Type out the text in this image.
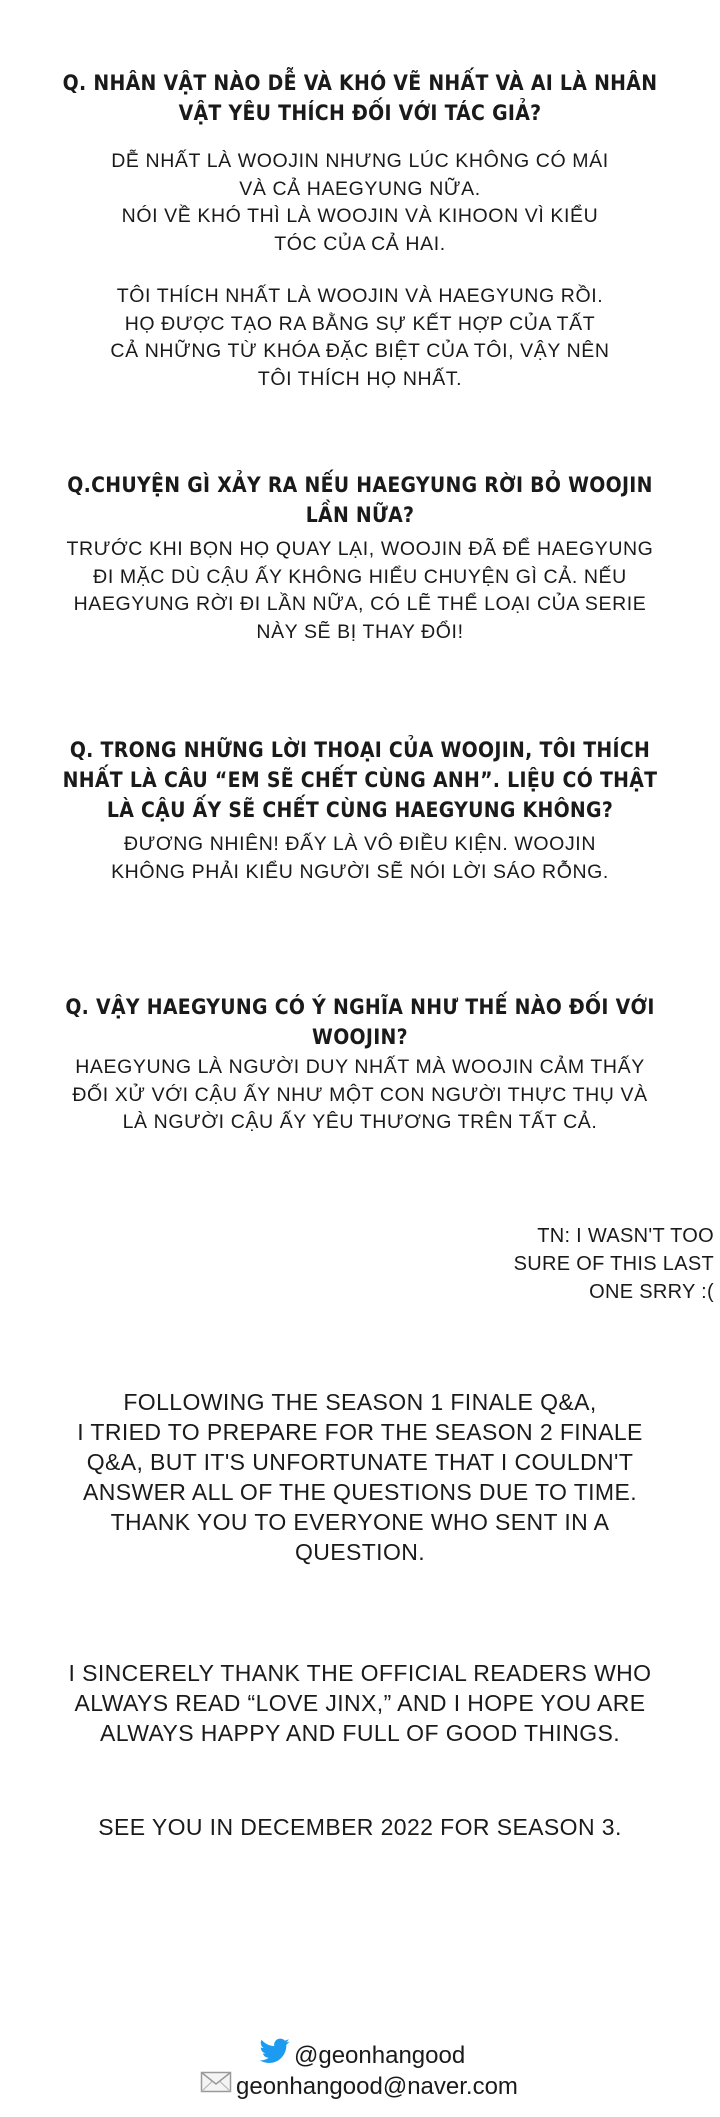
Q. NHÂN VẬT NÀO DỄ VÀ KHÓ VẼ NHẤT VÀ AI LÀ NHÂN
VẬT YÊU THÍCH ĐỐI VỚI TÁC GIẢ?
DỄ NHẤT LÀ WOOJIN NHƯNG LÚC KHÔNG CÓ MÁI
VÀ CẢ HAEGYUNG NỮA.
NÓI VỀ KHÓ THÌ LÀ WOOJIN VÀ KIHOON VÌ KIỂU
TÓC CỦA CẢ HAI.
TÔI THÍCH NHẤT LÀ WOOJIN VÀ HAEGYUNG RỒI.
HỌ ĐƯỢC TẠO RA BẰNG SỰ KẾT HỢP CỦA TẤT
CẢ NHỮNG TỪ KHÓA ĐẶC BIỆT CỦA TÔI, VẬY NÊN
TÔI THÍCH HỌ NHẤT.
Q.CHUYỆN GÌ XẢY RA NẾU HAEGYUNG RỜI BỎ WOOJIN
LẦN NỮA?
TRƯỚC KHI BỌN HỌ QUAY LẠI, WOOJIN ĐÃ ĐỂ HAEGYUNG
ĐI MẶC DÙ CẬU ẤY KHÔNG HIỂU CHUYỆN GÌ CẢ. NẾU
HAEGYUNG RỜI ĐI LẦN NỮA, CÓ LẼ THỂ LOẠI CỦA SERIE
NÀY SẼ BỊ THAY ĐỔI!
Q. TRONG NHỮNG LỜI THOẠI CỦA WOOJIN, TÔI THÍCH
NHẤT LÀ CÂU “EM SẼ CHẾT CÙNG ANH”. LIỆU CÓ THẬT
LÀ CẬU ẤY SẼ CHẾT CÙNG HAEGYUNG KHÔNG?
ĐƯƠNG NHIÊN! ĐẤY LÀ VÔ ĐIỀU KIỆN. WOOJIN
KHÔNG PHẢI KIỂU NGƯỜI SẼ NÓI LỜI SÁO RỖNG.
Q. VẬY HAEGYUNG CÓ Ý NGHĨA NHƯ THẾ NÀO ĐỐI VỚI
WOOJIN?
HAEGYUNG LÀ NGƯỜI DUY NHẤT MÀ WOOJIN CẢM THẤY
ĐỐI XỬ VỚI CẬU ẤY NHƯ MỘT CON NGƯỜI THỰC THỤ VÀ
LÀ NGƯỜI CẬU ẤY YÊU THƯƠNG TRÊN TẤT CẢ.
TN: I WASN'T TOO
SURE OF THIS LAST
ONE SRRY :(
FOLLOWING THE SEASON 1 FINALE Q&A,
I TRIED TO PREPARE FOR THE SEASON 2 FINALE
Q&A, BUT IT'S UNFORTUNATE THAT I COULDN'T
ANSWER ALL OF THE QUESTIONS DUE TO TIME.
THANK YOU TO EVERYONE WHO SENT IN A
QUESTION.
I SINCERELY THANK THE OFFICIAL READERS WHO
ALWAYS READ “LOVE JINX,” AND I HOPE YOU ARE
ALWAYS HAPPY AND FULL OF GOOD THINGS.
SEE YOU IN DECEMBER 2022 FOR SEASON 3.
@geonhangood
geonhangood@naver.com
